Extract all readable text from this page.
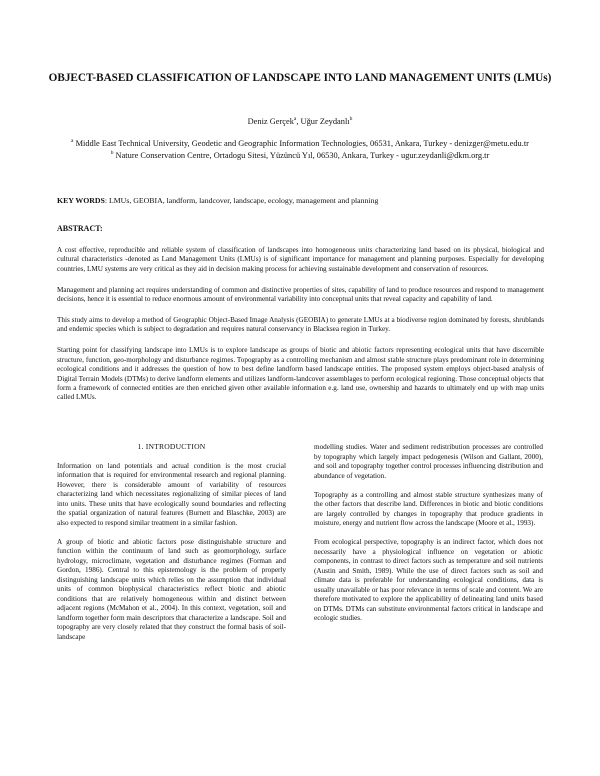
OBJECT-BASED CLASSIFICATION OF LANDSCAPE INTO LAND MANAGEMENT UNITS (LMUs)
Deniz Gerçek$^a$, Uğur Zeydanlı$^b$
$^a$ Middle East Technical University, Geodetic and Geographic Information Technologies, 06531, Ankara, Turkey - denizger@metu.edu.tr
$^b$ Nature Conservation Centre, Ortadogu Sitesi, Yüzüncü Yıl, 06530, Ankara, Turkey - ugur.zeydanli@dkm.org.tr
KEY WORDS: LMUs, GEOBIA, landform, landcover, landscape, ecology, management and planning
ABSTRACT:

A cost effective, reproducible and reliable system of classification of landscapes into homogeneous units characterizing land based on its physical, biological and cultural characteristics -denoted as Land Management Units (LMUs) is of significant importance for management and planning purposes. Especially for developing countries, LMU systems are very critical as they aid in decision making process for achieving sustainable development and conservation of resources.

Management and planning act requires understanding of common and distinctive properties of sites, capability of land to produce resources and respond to management decisions, hence it is essential to reduce enormous amount of environmental variability into conceptual units that reveal capacity and capability of land.

This study aims to develop a method of Geographic Object-Based Image Analysis (GEOBIA) to generate LMUs at a biodiverse region dominated by forests, shrublands and endemic species which is subject to degradation and requires natural conservancy in Blacksea region in Turkey.

Starting point for classifying landscape into LMUs is to explore landscape as groups of biotic and abiotic factors representing ecological units that have discernible structure, function, geo-morphology and disturbance regimes. Topography as a controlling mechanism and almost stable structure plays predominant role in determining ecological conditions and it addresses the question of how to best define landform based landscape entities. The proposed system employs object-based analysis of Digital Terrain Models (DTMs) to derive landform elements and utilizes landform-landcover assemblages to perform ecological regioning. Those conceptual objects that form a framework of connected entities are then enriched given other available information e.g. land use, ownership and hazards to ultimately end up with map units called LMUs.

1. INTRODUCTION

Information on land potentials and actual condition is the most crucial information that is required for environmental research and regional planning. However, there is considerable amount of variability of resources characterizing land which necessitates regionalizing of similar pieces of land into units. These units that have ecologically sound boundaries and reflecting the spatial organization of natural features (Burnett and Blaschke, 2003) are also expected to respond similar treatment in a similar fashion.

A group of biotic and abiotic factors pose distinguishable structure and function within the continuum of land such as geomorphology, surface hydrology, microclimate, vegetation and disturbance regimes (Forman and Gordon, 1986). Central to this epistemology is the problem of properly distinguishing landscape units which relies on the assumption that individual units of common biophysical characteristics reflect biotic and abiotic conditions that are relatively homogeneous within and distinct between adjacent regions (McMahon et al., 2004). In this context, vegetation, soil and landform together form main descriptors that characterize a landscape. Soil and topography are very closely related that they construct the formal basis of soil-landscape

modelling studies. Water and sediment redistribution processes are controlled by topography which largely impact pedogenesis (Wilson and Gallant, 2000), and soil and topography together control processes influencing distribution and abundance of vegetation.

Topography as a controlling and almost stable structure synthesizes many of the other factors that describe land. Differences in biotic and biotic conditions are largely controlled by changes in topography that produce gradients in moisture, energy and nutrient flow across the landscape (Moore et al., 1993).

From ecological perspective, topography is an indirect factor, which does not necessarily have a physiological influence on vegetation or abiotic components, in contrast to direct factors such as temperature and soil nutrients (Austin and Smith, 1989). While the use of direct factors such as soil and climate data is preferable for understanding ecological conditions, data is usually unavailable or has poor relevance in terms of scale and content. We are therefore motivated to explore the applicability of delineating land units based on DTMs. DTMs can substitute environmental factors critical in landscape and ecologic studies.
